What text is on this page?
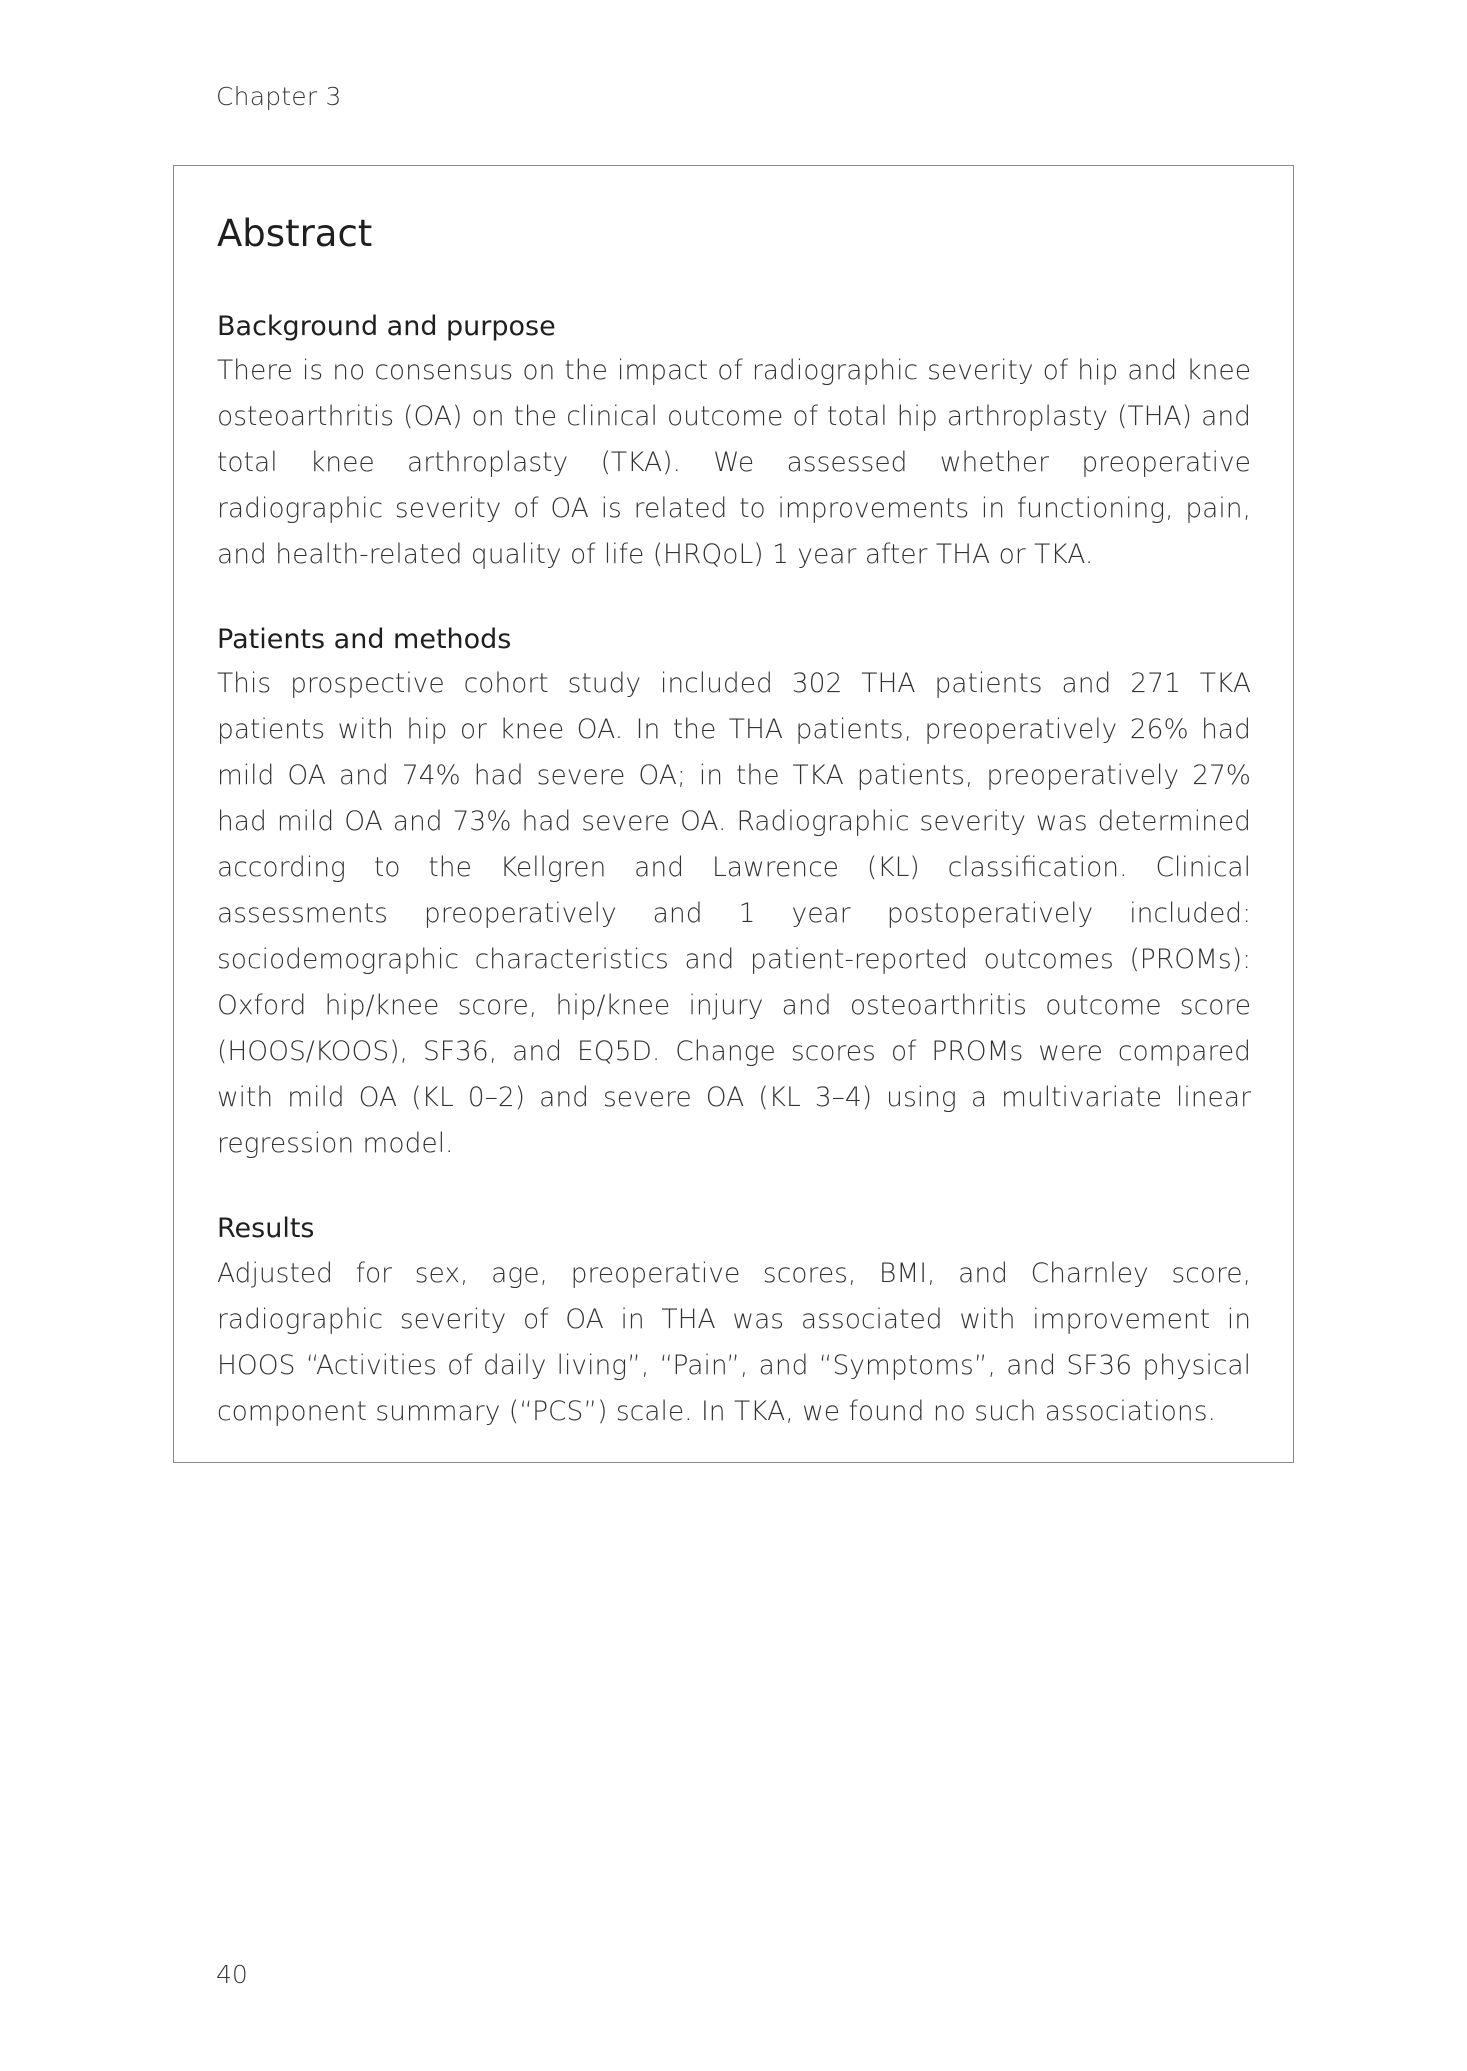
Chapter 3
Abstract
Background and purpose

There is no consensus on the impact of radiographic severity of hip and knee osteoarthritis (OA) on the clinical outcome of total hip arthroplasty (THA) and total knee arthroplasty (TKA). We assessed whether preoperative radiographic severity of OA is related to improvements in functioning, pain, and health-related quality of life (HRQoL) 1 year after THA or TKA.

Patients and methods

This prospective cohort study included 302 THA patients and 271 TKA patients with hip or knee OA. In the THA patients, preoperatively 26% had mild OA and 74% had severe OA; in the TKA patients, preoperatively 27% had mild OA and 73% had severe OA. Radiographic severity was determined according to the Kellgren and Lawrence (KL) classification. Clinical assessments preoperatively and 1 year postoperatively included: sociodemographic characteristics and patient-reported outcomes (PROMs): Oxford hip/knee score, hip/knee injury and osteoarthritis outcome score (HOOS/KOOS), SF36, and EQ5D. Change scores of PROMs were compared with mild OA (KL 0–2) and severe OA (KL 3–4) using a multivariate linear regression model.

Results

Adjusted for sex, age, preoperative scores, BMI, and Charnley score, radiographic severity of OA in THA was associated with improvement in HOOS “Activities of daily living”, “Pain”, and “Symptoms”, and SF36 physical component summary (“PCS”) scale. In TKA, we found no such associations.

40
